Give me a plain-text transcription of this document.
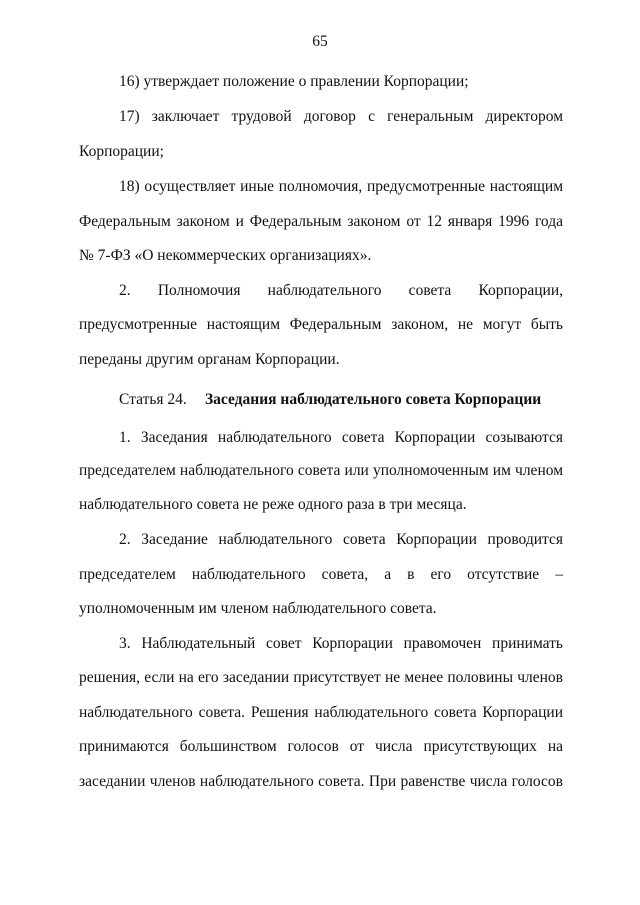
65
16) утверждает положение о правлении Корпорации;
17) заключает трудовой договор с генеральным директором
Корпорации;
18) осуществляет иные полномочия, предусмотренные настоящим
Федеральным законом и Федеральным законом от 12 января 1996 года
№ 7-ФЗ «О некоммерческих организациях».
2. Полномочия наблюдательного совета Корпорации,
предусмотренные настоящим Федеральным законом, не могут быть
переданы другим органам Корпорации.
Статья 24. Заседания наблюдательного совета Корпорации
1. Заседания наблюдательного совета Корпорации созываются
председателем наблюдательного совета или уполномоченным им членом
наблюдательного совета не реже одного раза в три месяца.
2. Заседание наблюдательного совета Корпорации проводится
председателем наблюдательного совета, а в его отсутствие –
уполномоченным им членом наблюдательного совета.
3. Наблюдательный совет Корпорации правомочен принимать
решения, если на его заседании присутствует не менее половины членов
наблюдательного совета. Решения наблюдательного совета Корпорации
принимаются большинством голосов от числа присутствующих на
заседании членов наблюдательного совета. При равенстве числа голосов
